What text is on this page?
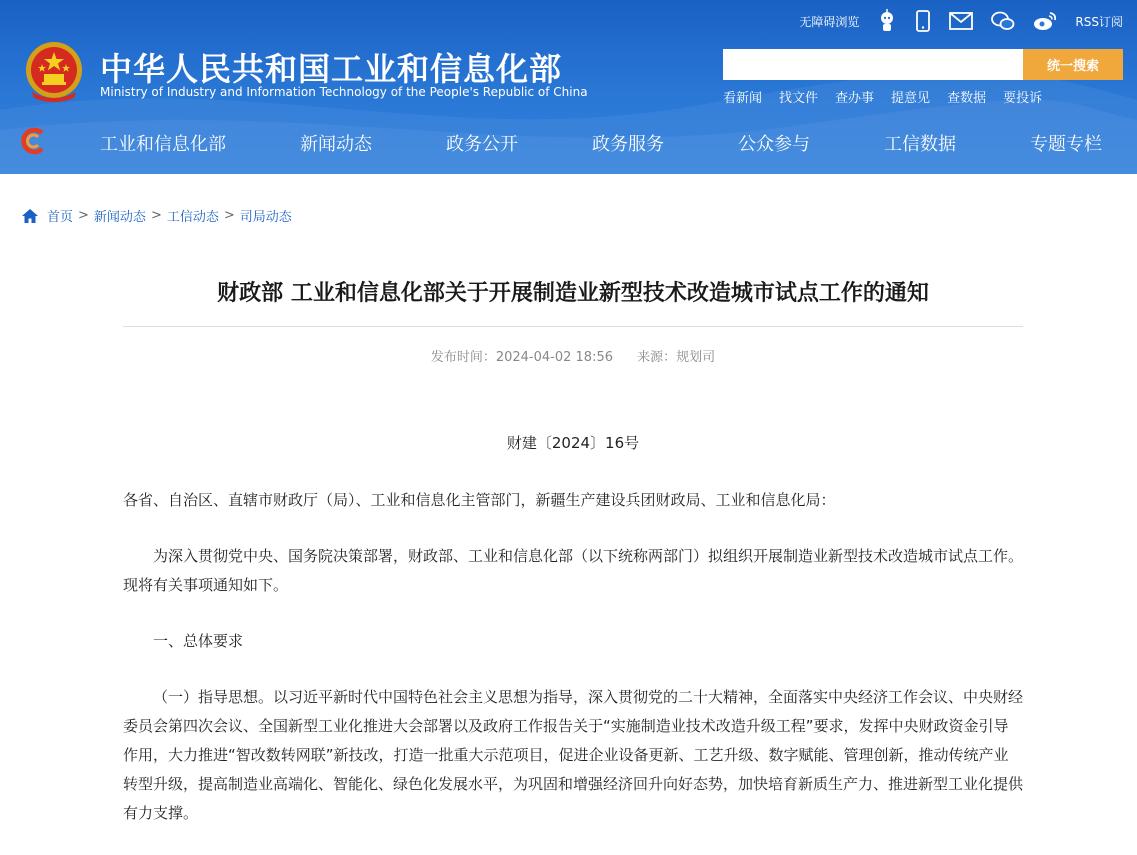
中华人民共和国工业和信息化部
Ministry of Industry and Information Technology of the People's Republic of China
无障碍浏览	RSS订阅
统一搜索
看新闻 找文件 查办事 提意见 查数据 要投诉
工业和信息化部	新闻动态	政务公开	政务服务	公众参与	工信数据	专题专栏
首页 > 新闻动态 > 工信动态 > 司局动态
财政部 工业和信息化部关于开展制造业新型技术改造城市试点工作的通知
发布时间：2024-04-02 18:56 来源：规划司
财建〔2024〕16号

各省、自治区、直辖市财政厅（局）、工业和信息化主管部门，新疆生产建设兵团财政局、工业和信息化局：

为深入贯彻党中央、国务院决策部署，财政部、工业和信息化部（以下统称两部门）拟组织开展制造业新型技术改造城市试点工作。现将有关事项通知如下。

一、总体要求

（一）指导思想。以习近平新时代中国特色社会主义思想为指导，深入贯彻党的二十大精神，全面落实中央经济工作会议、中央财经委员会第四次会议、全国新型工业化推进大会部署以及政府工作报告关于“实施制造业技术改造升级工程”要求，发挥中央财政资金引导作用，大力推进“智改数转网联”新技改，打造一批重大示范项目，促进企业设备更新、工艺升级、数字赋能、管理创新，推动传统产业转型升级，提高制造业高端化、智能化、绿色化发展水平，为巩固和增强经济回升向好态势，加快培育新质生产力、推进新型工业化提供有力支撑。
